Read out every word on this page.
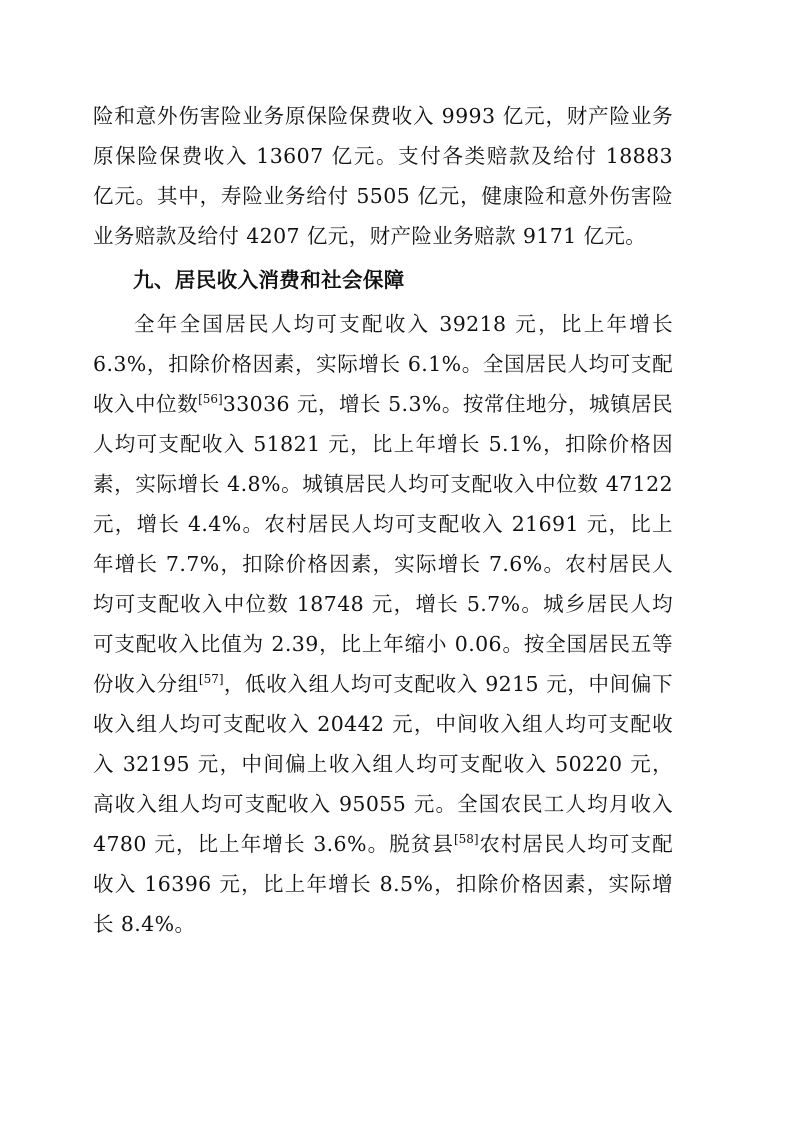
险和意外伤害险业务原保险保费收入 9993 亿元，财产险业务原保险保费收入 13607 亿元。支付各类赔款及给付 18883 亿元。其中，寿险业务给付 5505 亿元，健康险和意外伤害险业务赔款及给付 4207 亿元，财产险业务赔款 9171 亿元。

九、居民收入消费和社会保障

全年全国居民人均可支配收入 39218 元，比上年增长 6.3%，扣除价格因素，实际增长 6.1%。全国居民人均可支配收入中位数[56]33036 元，增长 5.3%。按常住地分，城镇居民人均可支配收入 51821 元，比上年增长 5.1%，扣除价格因素，实际增长 4.8%。城镇居民人均可支配收入中位数 47122 元，增长 4.4%。农村居民人均可支配收入 21691 元，比上年增长 7.7%，扣除价格因素，实际增长 7.6%。农村居民人均可支配收入中位数 18748 元，增长 5.7%。城乡居民人均可支配收入比值为 2.39，比上年缩小 0.06。按全国居民五等份收入分组[57]，低收入组人均可支配收入 9215 元，中间偏下收入组人均可支配收入 20442 元，中间收入组人均可支配收入 32195 元，中间偏上收入组人均可支配收入 50220 元，高收入组人均可支配收入 95055 元。全国农民工人均月收入 4780 元，比上年增长 3.6%。脱贫县[58]农村居民人均可支配收入 16396 元，比上年增长 8.5%，扣除价格因素，实际增长 8.4%。
